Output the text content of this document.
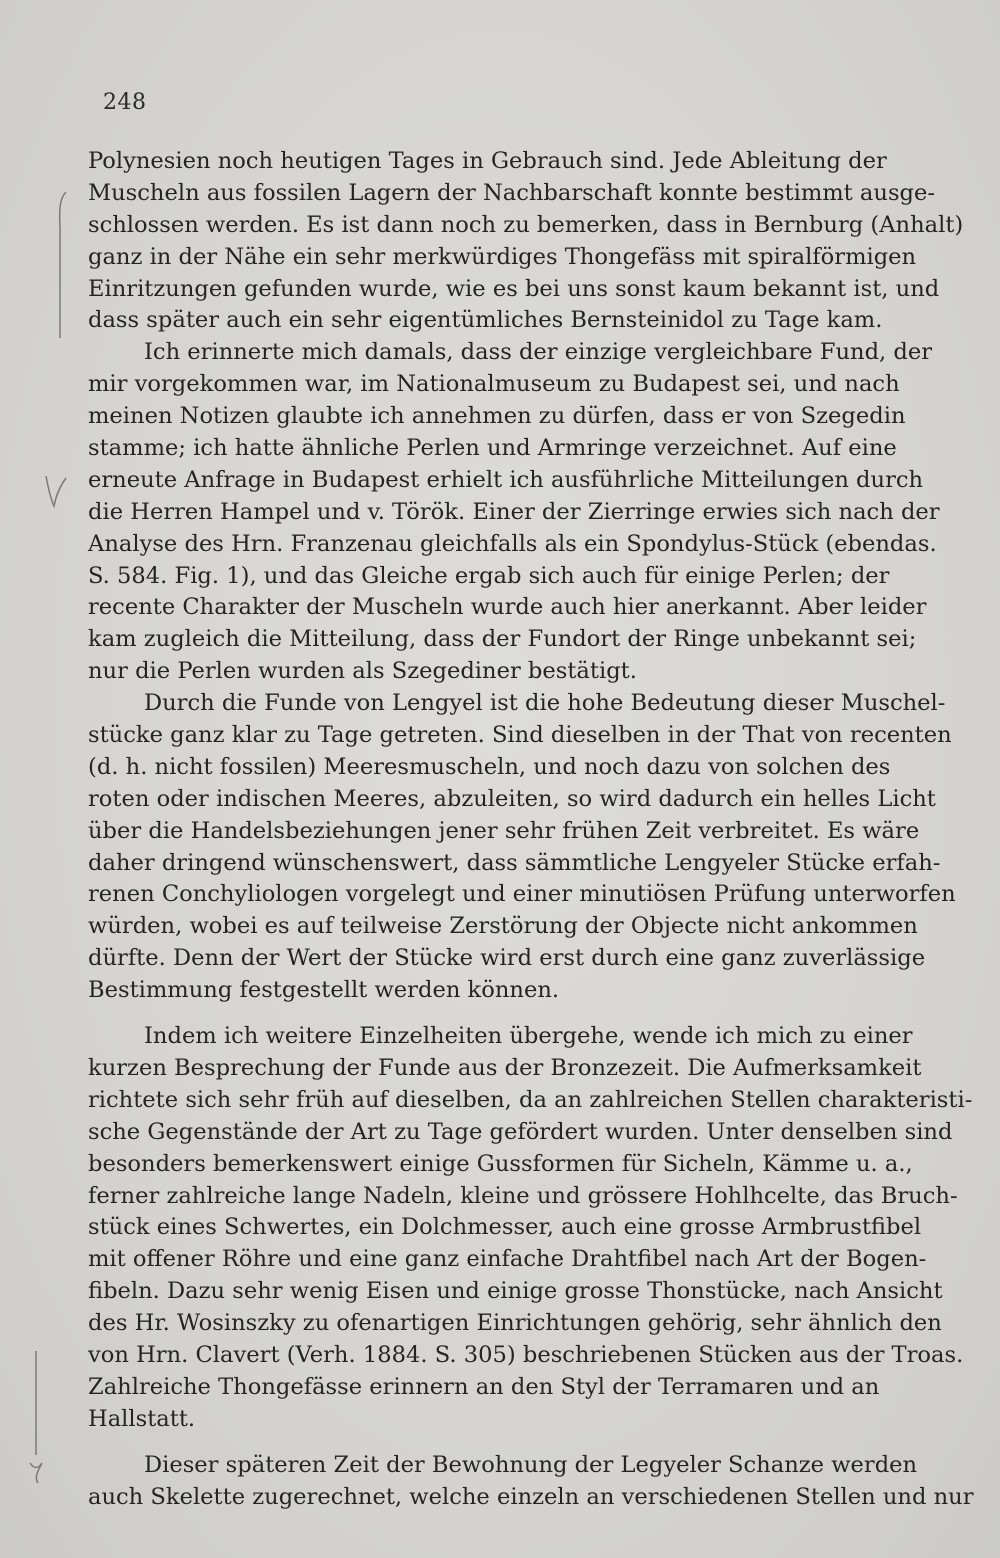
248
Polynesien noch heutigen Tages in Gebrauch sind. Jede Ableitung der
Muscheln aus fossilen Lagern der Nachbarschaft konnte bestimmt ausge-
schlossen werden. Es ist dann noch zu bemerken, dass in Bernburg (Anhalt)
ganz in der Nähe ein sehr merkwürdiges Thongefäss mit spiralförmigen
Einritzungen gefunden wurde, wie es bei uns sonst kaum bekannt ist, und
dass später auch ein sehr eigentümliches Bernsteinidol zu Tage kam.
Ich erinnerte mich damals, dass der einzige vergleichbare Fund, der
mir vorgekommen war, im Nationalmuseum zu Budapest sei, und nach
meinen Notizen glaubte ich annehmen zu dürfen, dass er von Szegedin
stamme; ich hatte ähnliche Perlen und Armringe verzeichnet. Auf eine
erneute Anfrage in Budapest erhielt ich ausführliche Mitteilungen durch
die Herren Hampel und v. Török. Einer der Zierringe erwies sich nach der
Analyse des Hrn. Franzenau gleichfalls als ein Spondylus-Stück (ebendas.
S. 584. Fig. 1), und das Gleiche ergab sich auch für einige Perlen; der
recente Charakter der Muscheln wurde auch hier anerkannt. Aber leider
kam zugleich die Mitteilung, dass der Fundort der Ringe unbekannt sei;
nur die Perlen wurden als Szegediner bestätigt.
Durch die Funde von Lengyel ist die hohe Bedeutung dieser Muschel-
stücke ganz klar zu Tage getreten. Sind dieselben in der That von recenten
(d. h. nicht fossilen) Meeresmuscheln, und noch dazu von solchen des
roten oder indischen Meeres, abzuleiten, so wird dadurch ein helles Licht
über die Handelsbeziehungen jener sehr frühen Zeit verbreitet. Es wäre
daher dringend wünschenswert, dass sämmtliche Lengyeler Stücke erfah-
renen Conchyliologen vorgelegt und einer minutiösen Prüfung unterworfen
würden, wobei es auf teilweise Zerstörung der Objecte nicht ankommen
dürfte. Denn der Wert der Stücke wird erst durch eine ganz zuverlässige
Bestimmung festgestellt werden können.
Indem ich weitere Einzelheiten übergehe, wende ich mich zu einer
kurzen Besprechung der Funde aus der Bronzezeit. Die Aufmerksamkeit
richtete sich sehr früh auf dieselben, da an zahlreichen Stellen charakteristi-
sche Gegenstände der Art zu Tage gefördert wurden. Unter denselben sind
besonders bemerkenswert einige Gussformen für Sicheln, Kämme u. a.,
ferner zahlreiche lange Nadeln, kleine und grössere Hohlhcelte, das Bruch-
stück eines Schwertes, ein Dolchmesser, auch eine grosse Armbrustfibel
mit offener Röhre und eine ganz einfache Drahtfibel nach Art der Bogen-
fibeln. Dazu sehr wenig Eisen und einige grosse Thonstücke, nach Ansicht
des Hr. Wosinszky zu ofenartigen Einrichtungen gehörig, sehr ähnlich den
von Hrn. Clavert (Verh. 1884. S. 305) beschriebenen Stücken aus der Troas.
Zahlreiche Thongefässe erinnern an den Styl der Terramaren und an
Hallstatt.
Dieser späteren Zeit der Bewohnung der Legyeler Schanze werden
auch Skelette zugerechnet, welche einzeln an verschiedenen Stellen und nur
